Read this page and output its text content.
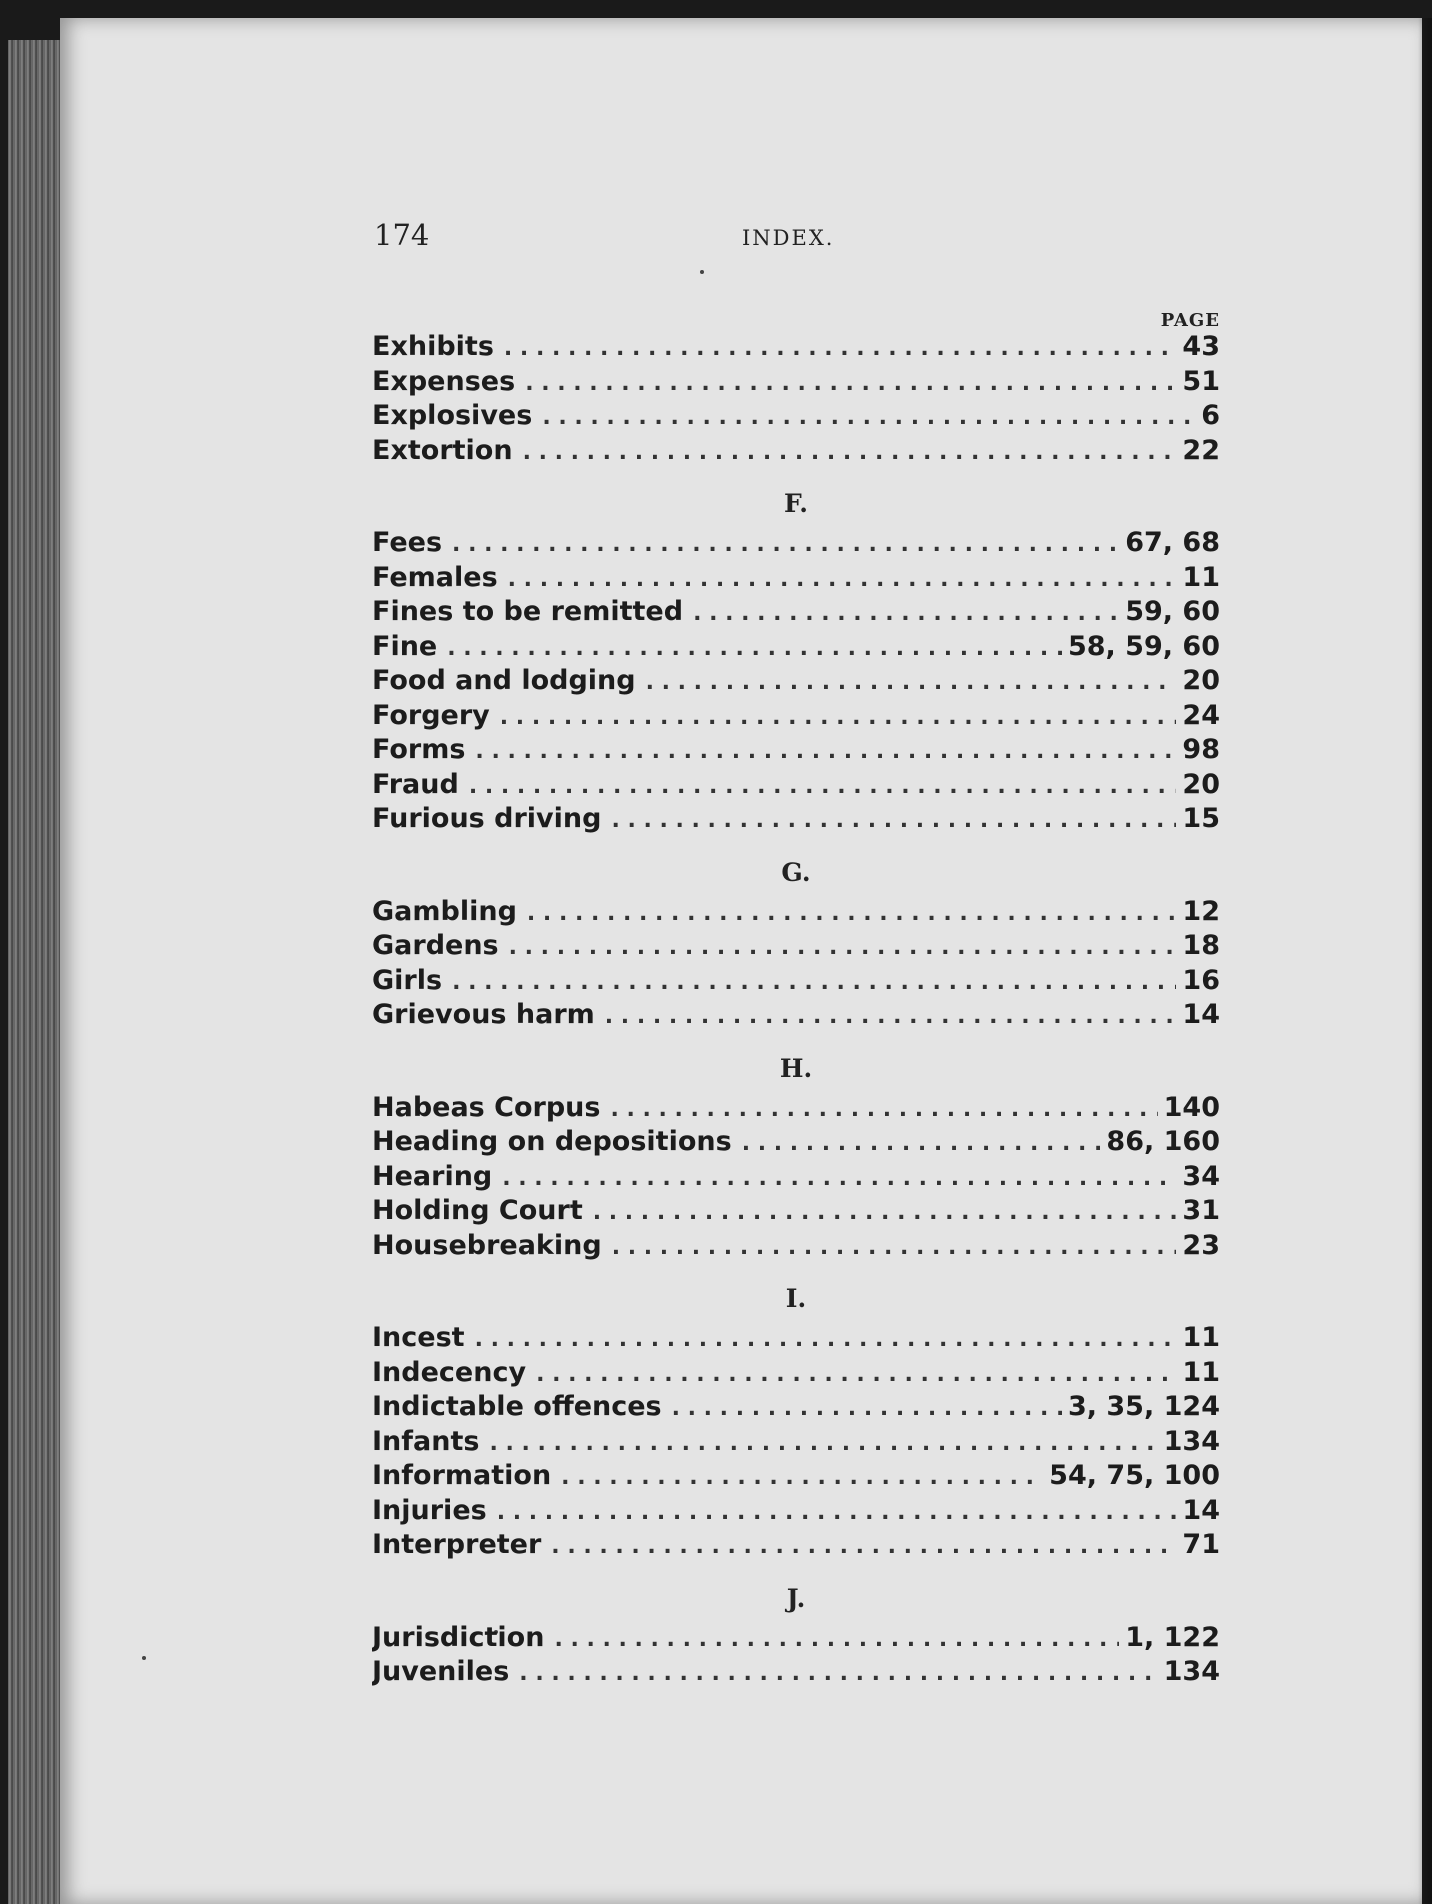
174	INDEX.
PAGE
Exhibits . . .	43
Expenses . . .	51
Explosives . . .	6
Extortion . . .	22
F.
Fees . . .	67, 68
Females . . .	11
Fines to be remitted . . .	59, 60
Fine . . .	58, 59, 60
Food and lodging . . .	20
Forgery . . .	24
Forms . . .	98
Fraud . . .	20
Furious driving . . .	15
G.
Gambling . . .	12
Gardens . . .	18
Girls . . .	16
Grievous harm . . .	14
H.
Habeas Corpus . . .	140
Heading on depositions . . .	86, 160
Hearing . . .	34
Holding Court . . .	31
Housebreaking . . .	23
I.
Incest . . .	11
Indecency . . .	11
Indictable offences . . .	3, 35, 124
Infants . . .	134
Information . . .	54, 75, 100
Injuries . . .	14
Interpreter . . .	71
J.
Jurisdiction . . .	1, 122
Juveniles . . .	134
